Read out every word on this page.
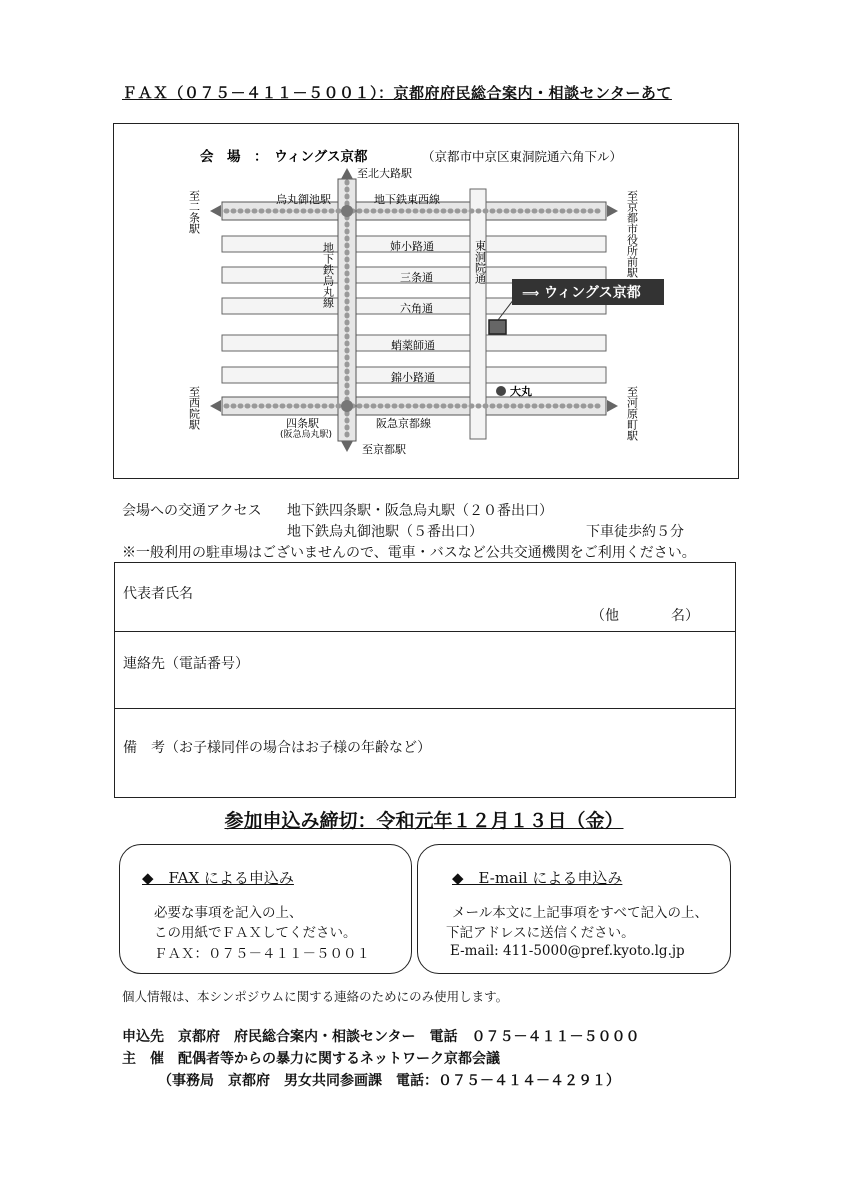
ＦＡＸ（０７５－４１１－５００１）：京都府府民総合案内・相談センターあて
⟹ ウィングス京都
会　場　：　ウィングス京都	（京都市中京区東洞院通六角下ル）
至北大路駅
至京都駅
烏丸御池駅	地下鉄東西線
姉小路通
三条通
六角通
蛸薬師通
錦小路通
四条駅
(阪急烏丸駅)
阪急京都線
大丸
至二条駅	至京都市役所前駅
至西院駅	至河原町駅
地下鉄烏丸線	東洞院通
会場への交通アクセス 地下鉄四条駅・阪急烏丸駅（２０番出口）
地下鉄烏丸御池駅（５番出口）	下車徒歩約５分
※一般利用の駐車場はございませんので、電車・バスなど公共交通機関をご利用ください。
代表者氏名
（他	名）
連絡先（電話番号）
備　考（お子様同伴の場合はお子様の年齢など）
参加申込み締切：令和元年１２月１３日（金）
◆　FAX による申込み
必要な事項を記入の上、
この用紙でＦＡＸしてください。
ＦＡＸ：０７５－４１１－５００１
◆　E-mail による申込み
メール本文に上記事項をすべて記入の上、
下記アドレスに送信ください。
E-mail: 411-5000@pref.kyoto.lg.jp
個人情報は、本シンポジウムに関する連絡のためにのみ使用します。
申込先　京都府　府民総合案内・相談センター　電話　０７５－４１１－５０００
主　催　配偶者等からの暴力に関するネットワーク京都会議
（事務局　京都府　男女共同参画課　電話：０７５－４１４－４２９１）
